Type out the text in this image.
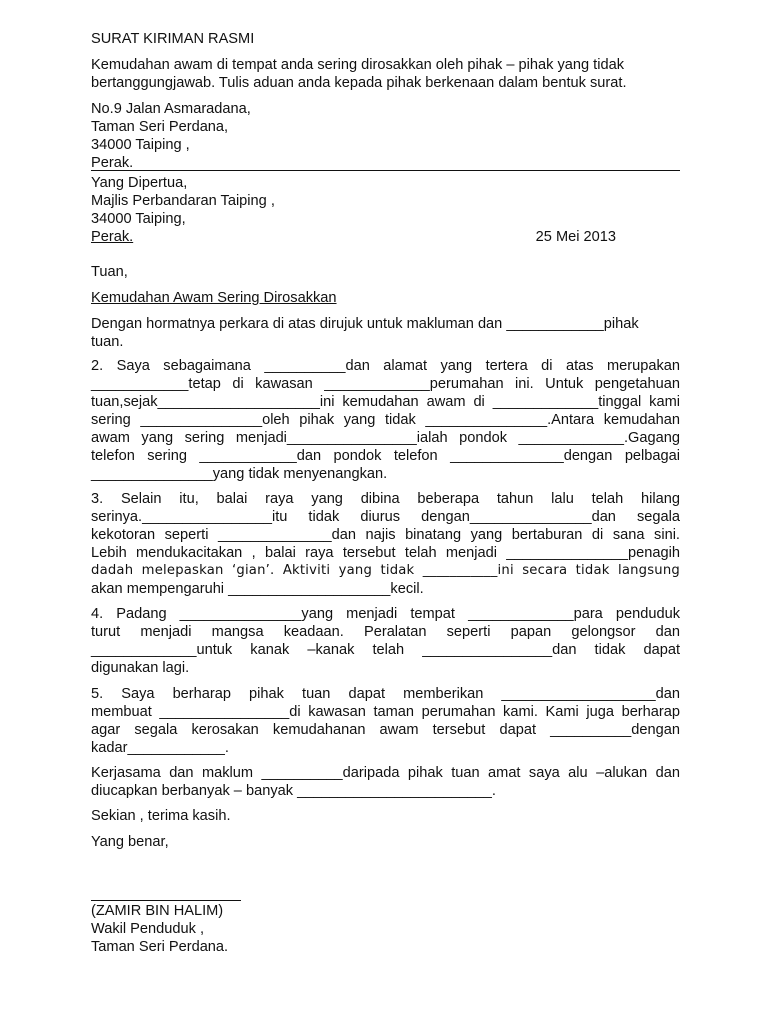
SURAT KIRIMAN RASMI
Kemudahan awam di tempat anda sering dirosakkan oleh pihak – pihak yang tidak
bertanggungjawab. Tulis aduan anda kepada pihak berkenaan dalam bentuk surat.
No.9 Jalan Asmaradana,
Taman Seri Perdana,
34000 Taiping ,
Perak.
Yang Dipertua,
Majlis Perbandaran Taiping ,
34000 Taiping,
Perak.	25 Mei 2013
Tuan,
Kemudahan Awam Sering Dirosakkan
Dengan hormatnya perkara di atas dirujuk untuk makluman dan ____________pihak
tuan.
2. Saya sebagaimana __________dan alamat yang tertera di atas merupakan
____________tetap di kawasan _____________perumahan ini. Untuk pengetahuan
tuan,sejak____________________ini kemudahan awam di _____________tinggal kami
sering _______________oleh pihak yang tidak _______________.Antara kemudahan
awam yang sering menjadi________________ialah pondok _____________.Gagang
telefon sering ____________dan pondok telefon ______________dengan pelbagai
_______________yang tidak menyenangkan.
3. Selain itu, balai raya yang dibina beberapa tahun lalu telah hilang
serinya.________________itu tidak diurus dengan_______________dan segala
kekotoran seperti ______________dan najis binatang yang bertaburan di sana sini.
Lebih mendukacitakan , balai raya tersebut telah menjadi _______________penagih
dadah melepaskan ‘gian’. Aktiviti yang tidak ___________ini secara tidak langsung
akan mempengaruhi ____________________kecil.
4. Padang _______________yang menjadi tempat _____________para penduduk
turut menjadi mangsa keadaan. Peralatan seperti papan gelongsor dan
_____________untuk kanak –kanak telah ________________dan tidak dapat
digunakan lagi.
5. Saya berharap pihak tuan dapat memberikan ___________________dan
membuat ________________di kawasan taman perumahan kami. Kami juga berharap
agar segala kerosakan kemudahanan awam tersebut dapat __________dengan
kadar____________.
Kerjasama dan maklum __________daripada pihak tuan amat saya alu –alukan dan
diucapkan berbanyak – banyak ________________________.
Sekian , terima kasih.
Yang benar,
(ZAMIR BIN HALIM)
Wakil Penduduk ,
Taman Seri Perdana.
